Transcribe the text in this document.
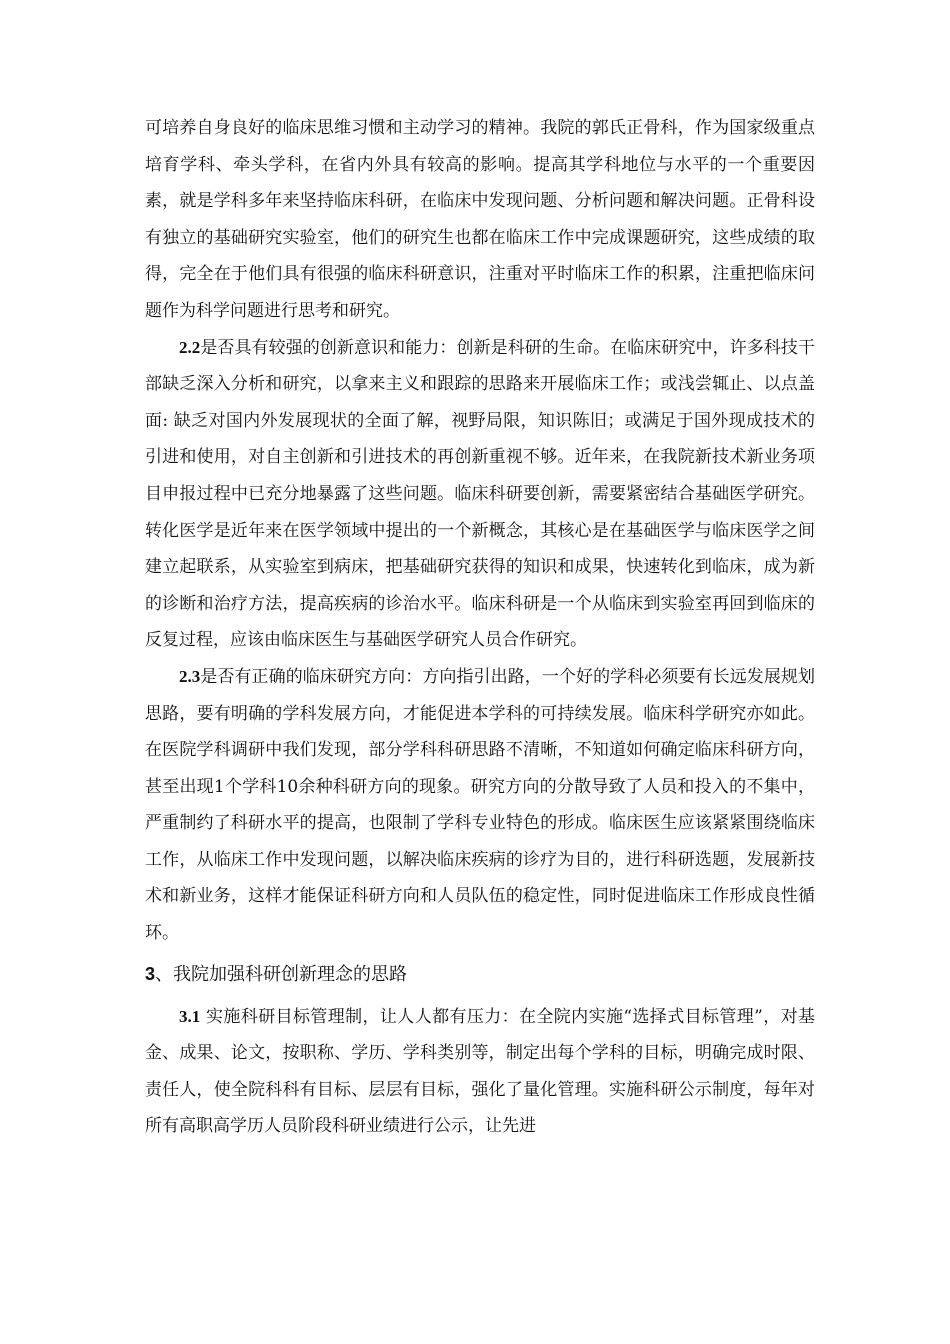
可培养自身良好的临床思维习惯和主动学习的精神。我院的郭氏正骨科，作为国家级重点培育学科、牵头学科，在省内外具有较高的影响。提高其学科地位与水平的一个重要因素，就是学科多年来坚持临床科研，在临床中发现问题、分析问题和解决问题。正骨科设有独立的基础研究实验室，他们的研究生也都在临床工作中完成课题研究，这些成绩的取得，完全在于他们具有很强的临床科研意识，注重对平时临床工作的积累，注重把临床问题作为科学问题进行思考和研究。

2.2是否具有较强的创新意识和能力：创新是科研的生命。在临床研究中，许多科技干部缺乏深入分析和研究，以拿来主义和跟踪的思路来开展临床工作；或浅尝辄止、以点盖面: 缺乏对国内外发展现状的全面了解，视野局限，知识陈旧；或满足于国外现成技术的引进和使用，对自主创新和引进技术的再创新重视不够。近年来，在我院新技术新业务项目申报过程中已充分地暴露了这些问题。临床科研要创新，需要紧密结合基础医学研究。转化医学是近年来在医学领域中提出的一个新概念，其核心是在基础医学与临床医学之间建立起联系，从实验室到病床，把基础研究获得的知识和成果，快速转化到临床，成为新的诊断和治疗方法，提高疾病的诊治水平。临床科研是一个从临床到实验室再回到临床的反复过程，应该由临床医生与基础医学研究人员合作研究。

2.3是否有正确的临床研究方向：方向指引出路，一个好的学科必须要有长远发展规划思路，要有明确的学科发展方向，才能促进本学科的可持续发展。临床科学研究亦如此。在医院学科调研中我们发现，部分学科科研思路不清晰，不知道如何确定临床科研方向，甚至出现1个学科10余种科研方向的现象。研究方向的分散导致了人员和投入的不集中，严重制约了科研水平的提高，也限制了学科专业特色的形成。临床医生应该紧紧围绕临床工作，从临床工作中发现问题，以解决临床疾病的诊疗为目的，进行科研选题，发展新技术和新业务，这样才能保证科研方向和人员队伍的稳定性，同时促进临床工作形成良性循环。

3、我院加强科研创新理念的思路

3.1 实施科研目标管理制，让人人都有压力：在全院内实施“选择式目标管理”，对基金、成果、论文，按职称、学历、学科类别等，制定出每个学科的目标，明确完成时限、责任人，使全院科科有目标、层层有目标，强化了量化管理。实施科研公示制度，每年对所有高职高学历人员阶段科研业绩进行公示，让先进
